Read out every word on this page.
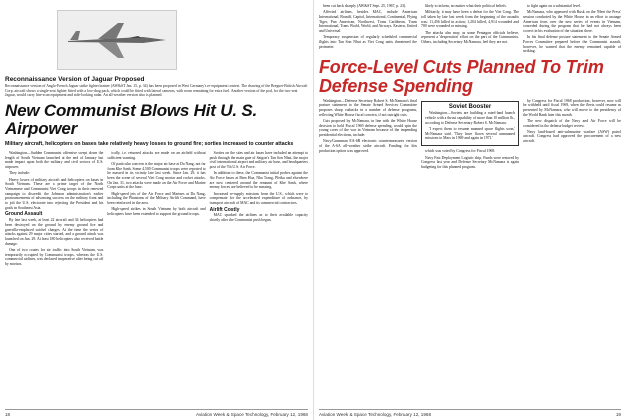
Reconnaissance Version of Jaguar Proposed
Reconnaissance version of Anglo-French Jaguar strike fighter/trainer (AW&ST Jan. 15, p. 34) has been proposed in West Germany's re-equipment contest. The drawing of the Breguet-British Aircraft Corp. aircraft shows a single-seat fighter fitted with a low-drag pack, which could be fitted with lateral cameras, with room remaining for extra fuel. Another version of the pod, for the two-seat Jaguar, would carry line-scan equipment and side-looking radar. An all-weather version also is planned.
New Communist Blows Hit U. S. Airpower
Military aircraft, helicopters on bases take relatively heavy losses to ground fire; sorties increased to counter attacks

Washington—Sudden Communist offensive swept down the length of South Vietnam launched at the end of January but made impact upon both the military and civil sectors of U.S. airpower.

They include:

Heavy losses of military aircraft and helicopters on bases in South Vietnam. These are a prime target of the North Vietnamese and Communist Viet Cong troops in their renewed campaign to discredit the Johnson administration's earlier pronouncements of advancing success on the military front and to jolt the U.S. electorate into rejecting the President and his goals in Southeast Asia.

Ground Assault

By late last week, at least 22 aircraft and 34 helicopters had been destroyed on the ground by enemy ground fire and guerrilla-emplaced satchel charges. At the time the series of attacks against 29 major cities started, and a ground attack was launched on Jan. 29. At least 180 helicopters also received battle damage.

One of two routes for air traffic into South Vietnam, was temporarily occupied by Communist troops, whereas the U.S. commercial airlines, was declared inoperative after being cut off by mortars.

ically, i.e. returned attacks are made on an airfield without sufficient warning.

Of particular concern is the major air base at Da Nang, not far from Khe Sanh. Some 4,500 Communist troops were reported to be massed in its vicinity late last week. Since Jan. 29, it has been the scene of several Viet Cong mortar and rocket attacks. On Jan. 31, two attacks were made on the Air Force and Marine Corps units at the base.

High-speed jets of the Air Force and Marines at Da Nang, including the Phantoms of the Military Airlift Command, have been reinforced in the area.

High-speed strikes in South Vietnam by both aircraft and helicopters have been extended to support the ground troops.

Sorties on the sites and air bases have included an attempt to push through the main gate of Saigon's Tan Son Nhut, the major civil international airport and military air base, and headquarters post of the 7th U.S. Air Force.

In addition to these, the Communist initial probes against the Air Force bases at Bien Hoa, Nha Trang, Pleiku and elsewhere are now centered around the remnant of Khe Sanh, where enemy forces are believed to be massing.

Increased re-supply missions from the U.S., which were to compensate for the accelerated expenditure of ordnance, by transport aircraft of MAC and its commercial contractors.

Airlift Costly

MAC sparked the airlines as to their available capacity shortly after the Communist push began.

18	Aviation Week & Space Technology, February 12, 1968

been cut back sharply (AW&ST Sept. 25, 1967, p. 23).

Affected airlines, besides MAC, include American International, Braniff, Capitol, International, Continental, Flying Tiger, Pan American, Northwest, Trans Caribbean, Trans International, Trans World, World, and Airways. Eastern, United and Universal.

Temporary suspension of regularly scheduled commercial flights into Tan Son Nhut as Viet Cong units threatened the perimeter.

likely to inform, no matter what their political beliefs.

Militarily, it may have been a defeat for the Viet Cong. The toll taken by late last week from the beginning of the assaults was: 11,456 killed in action; 1,204 killed, 4,914 wounded and 700 were wounded or missing.

The attacks also may, as some Pentagon officials believe, represent a 'desperation' effort on the part of the Communists. Others, including Secretary McNamara, feel they are not.

to fight again on a substantial level.

McNamara, who appeared with Rusk on the 'Meet the Press' session conducted by the White House in an effort to assuage American fears over the new series of events in Vietnam, conceded during the program that he had not always been correct in his evaluation of the situation there.

In his final defense posture statement to the Senate Armed Forces Committee prepared before the Communist assault, however, he warned that the enemy remained capable of striking.

Force-Level Cuts Planned To Trim Defense Spending

Washington—Defense Secretary Robert S. McNamara's final posture statement to the Senate Armed Services Committee proposes sharp cutbacks in a number of defense programs, reflecting White House fiscal concern, if not outright cuts.

Cuts proposed by McNamara, in line with the White House decision to hold Fiscal 1969 defense spending, would spin the young cores of the war in Vietnam because of the impending presidential elections, include:

Navy/Grumman EA-6B electronic countermeasures version of the A-6A all-weather strike aircraft. Funding for this production option was approved.

Soviet Booster

Washington—Soviets are building a rated-land launch vehicle with a thrust capability of more than 10 million lb., according to Defense Secretary Robert S. McNamara.

'I expect them to resume manned space flights soon,' McNamara said. 'They have flown several unmanned missions to Mars in 1969 and again in 1971.'

which was voted by Congress for Fiscal 1969.

Navy Fast Deployment Logistic ship. Funds were restored by Congress last year and Defense Secretary McNamara is again budgeting for this planned program.

by Congress for Fiscal 1968 production; however, now will be withheld until fiscal 1969, when the fleets could resume as presented by McNamara, who will move to the presidency of the World Bank later this month.

The new dispatch of the Navy and Air Force will be considered in the defense budget review.

Navy land-based anti-submarine warfare (ASW) patrol aircraft. Congress had approved the procurement of a new aircraft.

Aviation Week & Space Technology, February 12, 1968	19
